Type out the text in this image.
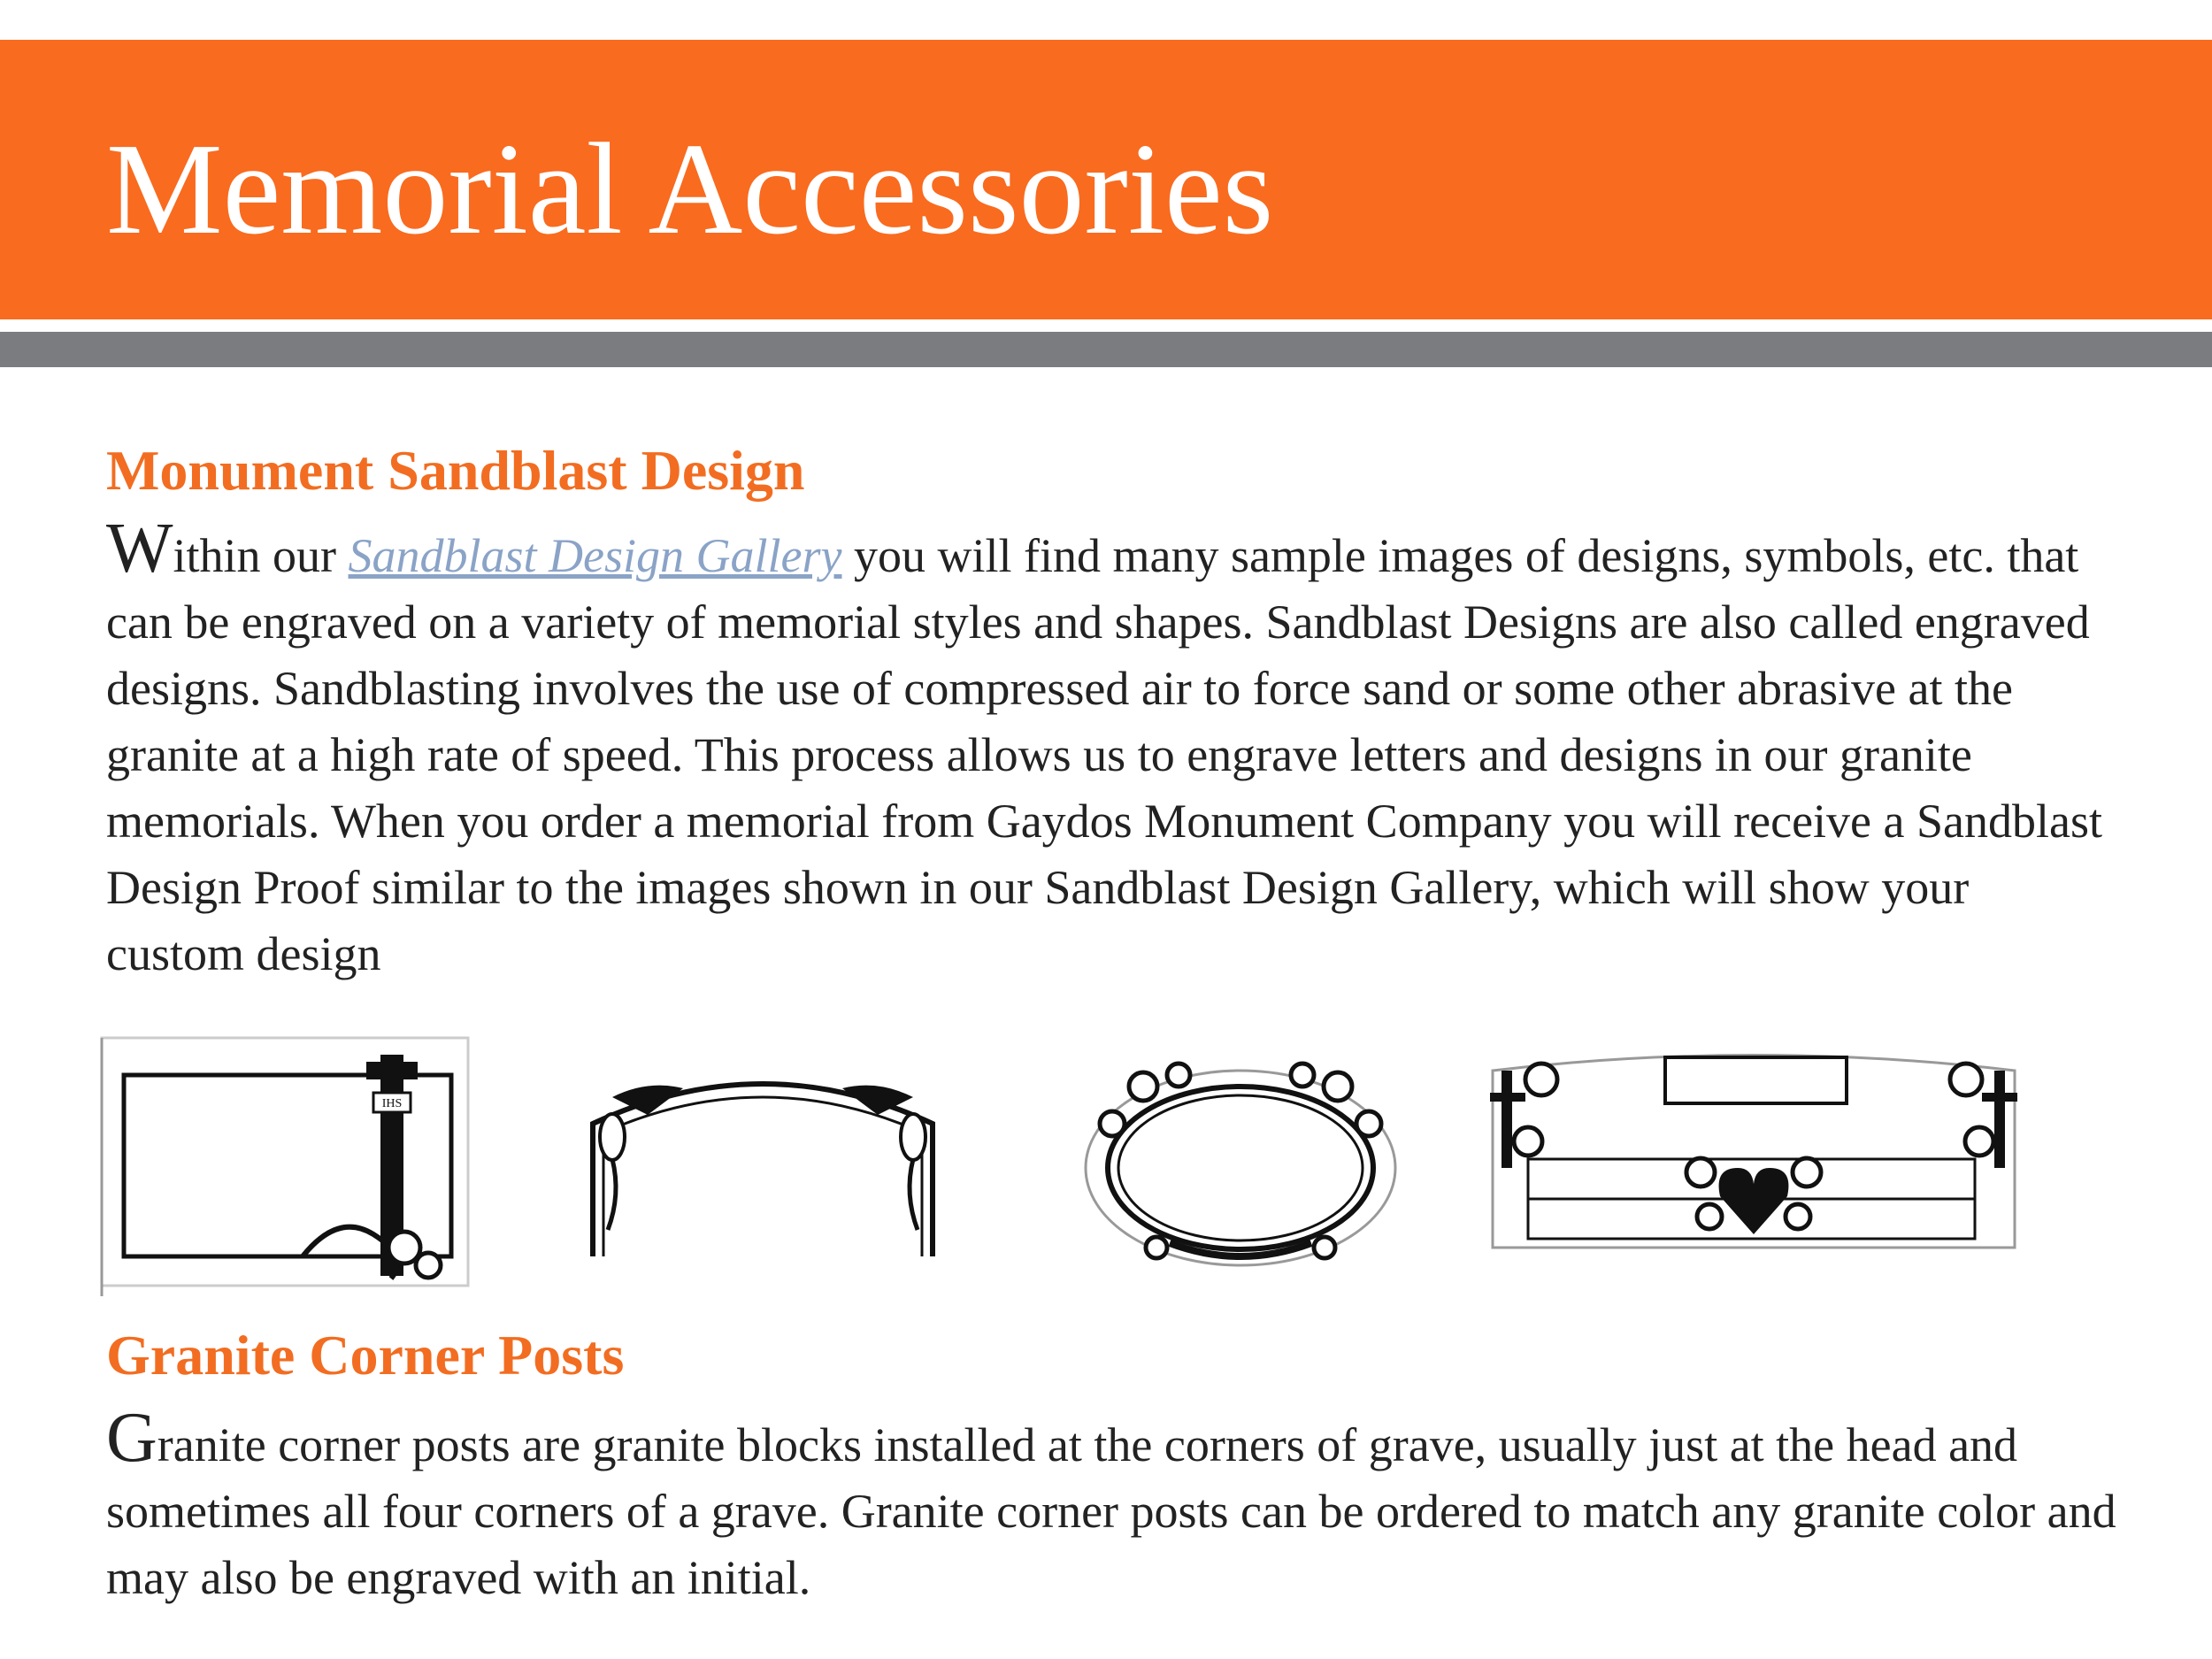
Memorial Accessories
Monument Sandblast Design

Within our Sandblast Design Gallery you will find many sample images of designs, symbols, etc. that can be engraved on a variety of memorial styles and shapes. Sandblast Designs are also called engraved designs. Sandblasting involves the use of compressed air to force sand or some other abrasive at the granite at a high rate of speed. This process allows us to engrave letters and designs in our granite memorials. When you order a memorial from Gaydos Monument Company you will receive a Sandblast Design Proof similar to the images shown in our Sandblast Design Gallery, which will show your custom design

IHS
Granite Corner Posts

Granite corner posts are granite blocks installed at the corners of grave, usually just at the head and sometimes all four corners of a grave. Granite corner posts can be ordered to match any granite color and may also be engraved with an initial.
